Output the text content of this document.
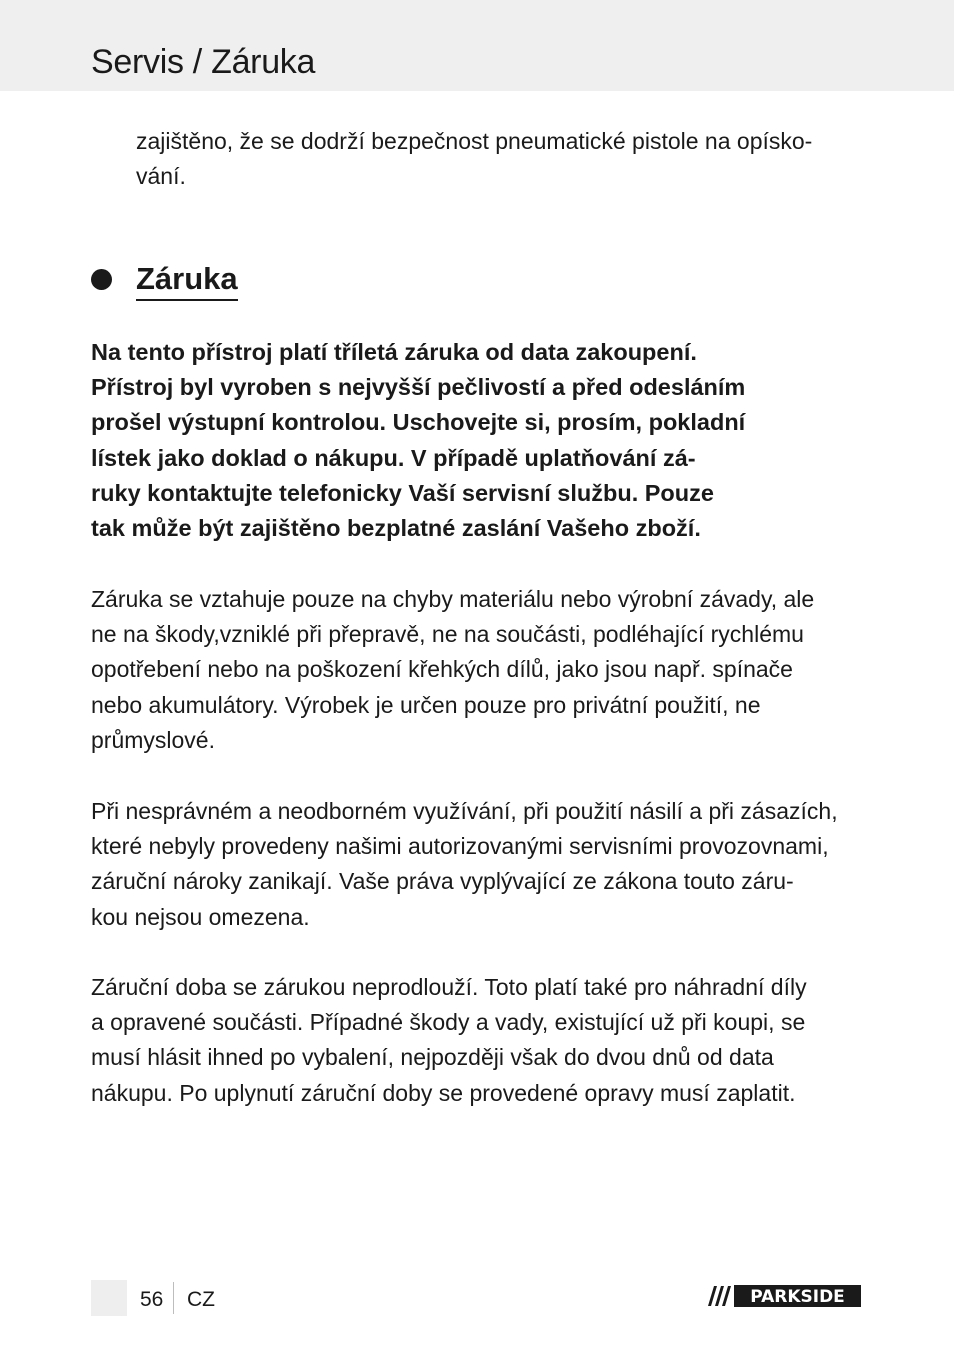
Servis / Záruka

zajištěno, že se dodrží bezpečnost pneumatické pistole na opísko-
vání.

Záruka

Na tento přístroj platí tříletá záruka od data zakoupení.
Přístroj byl vyroben s nejvyšší pečlivostí a před odesláním
prošel výstupní kontrolou. Uschovejte si, prosím, pokladní
lístek jako doklad o nákupu. V případě uplatňování zá-
ruky kontaktujte telefonicky Vaší servisní službu. Pouze
tak může být zajištěno bezplatné zaslání Vašeho zboží.

Záruka se vztahuje pouze na chyby materiálu nebo výrobní závady, ale
ne na škody,vzniklé při přepravě, ne na součásti, podléhající rychlému
opotřebení nebo na poškození křehkých dílů, jako jsou např. spínače
nebo akumulátory. Výrobek je určen pouze pro privátní použití, ne
průmyslové.

Při nesprávném a neodborném využívání, při použití násilí a při zásazích,
které nebyly provedeny našimi autorizovanými servisními provozovnami,
záruční nároky zanikají. Vaše práva vyplývající ze zákona touto záru-
kou nejsou omezena.

Záruční doba se zárukou neprodlouží. Toto platí také pro náhradní díly
a opravené součásti. Případné škody a vady, existující už při koupi, se
musí hlásit ihned po vybalení, nejpozději však do dvou dnů od data
nákupu. Po uplynutí záruční doby se provedené opravy musí zaplatit.

56 CZ	PARKSIDE
